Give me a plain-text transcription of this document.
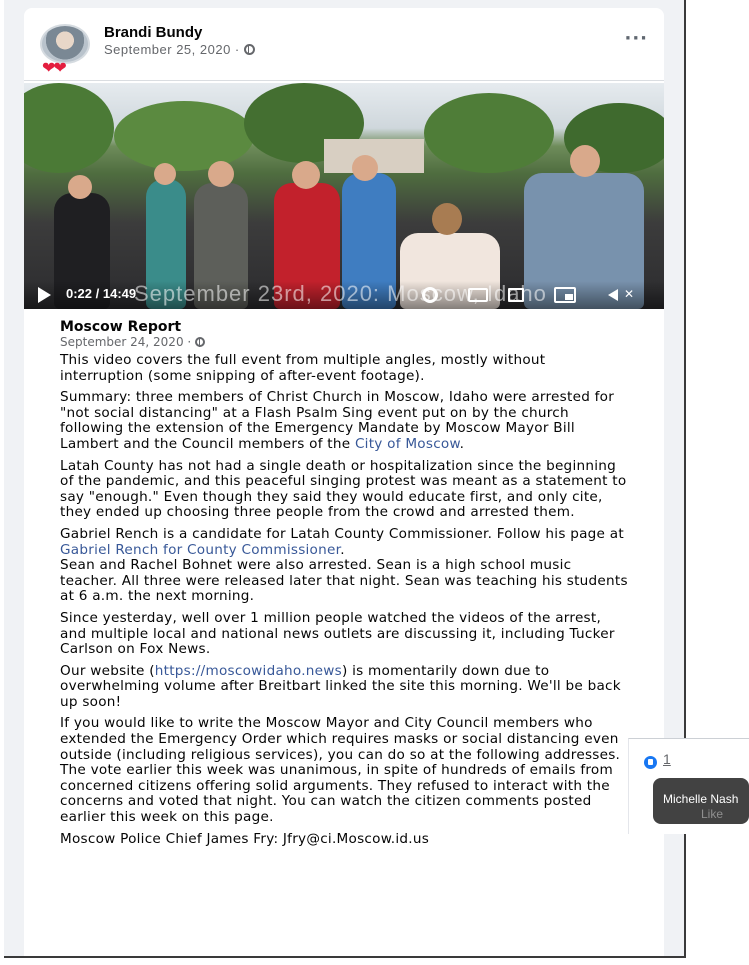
Brandi Bundy
September 25, 2020 ·
···
❤❤
0:22 / 14:49
September 23rd, 2020: Moscow, Idaho	✕
Moscow Report
September 24, 2020 ·

This video covers the full event from multiple angles, mostly without interruption (some snipping of after-event footage).

Summary: three members of Christ Church in Moscow, Idaho were arrested for "not social distancing" at a Flash Psalm Sing event put on by the church following the extension of the Emergency Mandate by Moscow Mayor Bill Lambert and the Council members of the City of Moscow.

Latah County has not had a single death or hospitalization since the beginning of the pandemic, and this peaceful singing protest was meant as a statement to say "enough." Even though they said they would educate first, and only cite, they ended up choosing three people from the crowd and arrested them.

Gabriel Rench is a candidate for Latah County Commissioner. Follow his page at Gabriel Rench for County Commissioner.

Sean and Rachel Bohnet were also arrested. Sean is a high school music teacher. All three were released later that night. Sean was teaching his students at 6 a.m. the next morning.

Since yesterday, well over 1 million people watched the videos of the arrest, and multiple local and national news outlets are discussing it, including Tucker Carlson on Fox News.

Our website (https://moscowidaho.news) is momentarily down due to overwhelming volume after Breitbart linked the site this morning. We'll be back up soon!

If you would like to write the Moscow Mayor and City Council members who extended the Emergency Order which requires masks or social distancing even outside (including religious services), you can do so at the following addresses. The vote earlier this week was unanimous, in spite of hundreds of emails from concerned citizens offering solid arguments. They refused to interact with the concerns and voted that night. You can watch the citizen comments posted earlier this week on this page.

Moscow Police Chief James Fry: Jfry@ci.Moscow.id.us

1
Michelle Nash
Like
